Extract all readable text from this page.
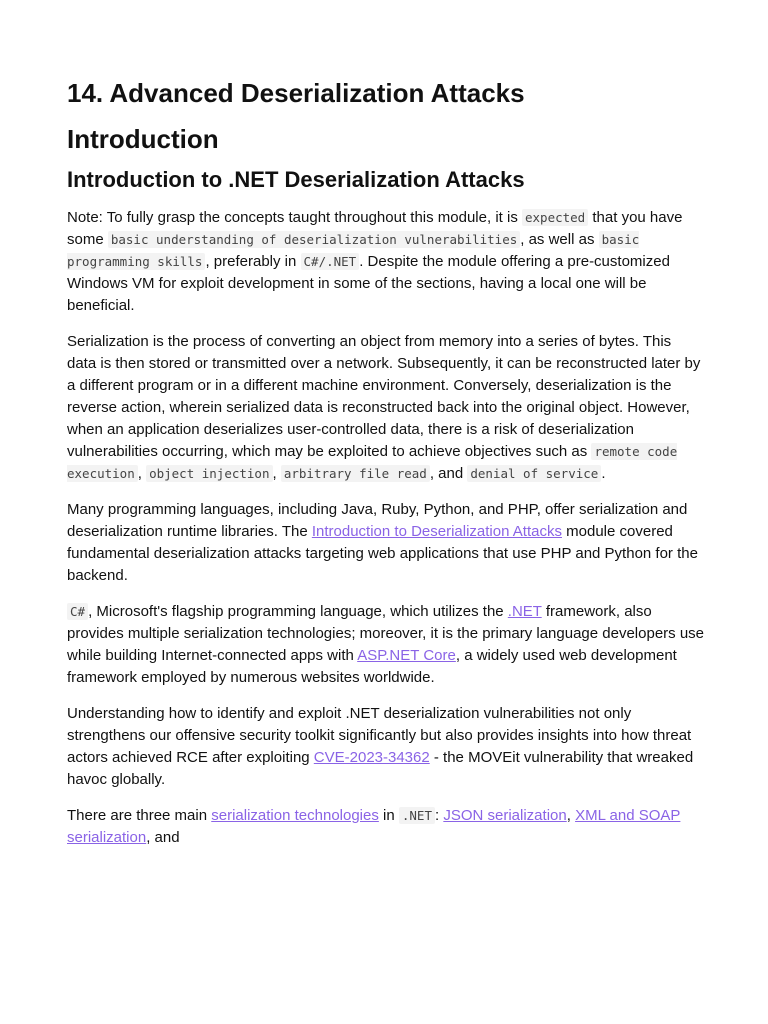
14. Advanced Deserialization Attacks
Introduction
Introduction to .NET Deserialization Attacks

Note: To fully grasp the concepts taught throughout this module, it is expected that you have some basic understanding of deserialization vulnerabilities , as well as basic programming skills , preferably in C#/.NET . Despite the module offering a pre-customized Windows VM for exploit development in some of the sections, having a local one will be beneficial.

Serialization is the process of converting an object from memory into a series of bytes. This data is then stored or transmitted over a network. Subsequently, it can be reconstructed later by a different program or in a different machine environment. Conversely, deserialization is the reverse action, wherein serialized data is reconstructed back into the original object. However, when an application deserializes user-controlled data, there is a risk of deserialization vulnerabilities occurring, which may be exploited to achieve objectives such as remote code execution , object injection , arbitrary file read , and denial of service .

Many programming languages, including Java, Ruby, Python, and PHP, offer serialization and deserialization runtime libraries. The Introduction to Deserialization Attacks module covered fundamental deserialization attacks targeting web applications that use PHP and Python for the backend.

C# , Microsoft's flagship programming language, which utilizes the .NET framework, also provides multiple serialization technologies; moreover, it is the primary language developers use while building Internet-connected apps with ASP.NET Core, a widely used web development framework employed by numerous websites worldwide.

Understanding how to identify and exploit .NET deserialization vulnerabilities not only strengthens our offensive security toolkit significantly but also provides insights into how threat actors achieved RCE after exploiting CVE-2023-34362 - the MOVEit vulnerability that wreaked havoc globally.

There are three main serialization technologies in .NET : JSON serialization, XML and SOAP serialization, and
